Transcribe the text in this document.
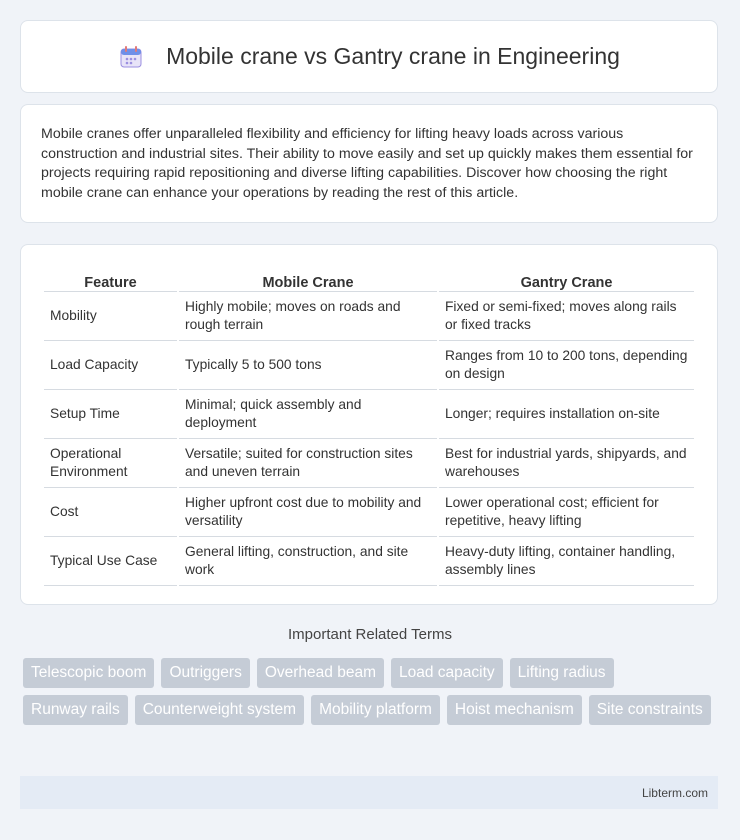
Mobile crane vs Gantry crane in Engineering

Mobile cranes offer unparalleled flexibility and efficiency for lifting heavy loads across various construction and industrial sites. Their ability to move easily and set up quickly makes them essential for projects requiring rapid repositioning and diverse lifting capabilities. Discover how choosing the right mobile crane can enhance your operations by reading the rest of this article.

Feature	Mobile Crane	Gantry Crane
Mobility	Highly mobile; moves on roads and rough terrain	Fixed or semi-fixed; moves along rails or fixed tracks
Load Capacity	Typically 5 to 500 tons	Ranges from 10 to 200 tons, depending on design
Setup Time	Minimal; quick assembly and deployment	Longer; requires installation on-site
Operational Environment	Versatile; suited for construction sites and uneven terrain	Best for industrial yards, shipyards, and warehouses
Cost	Higher upfront cost due to mobility and versatility	Lower operational cost; efficient for repetitive, heavy lifting
Typical Use Case	General lifting, construction, and site work	Heavy-duty lifting, container handling, assembly lines
Important Related Terms
Telescopic boom	Outriggers	Overhead beam	Load capacity	Lifting radius
Runway rails	Counterweight system	Mobility platform	Hoist mechanism	Site constraints
Libterm.com
